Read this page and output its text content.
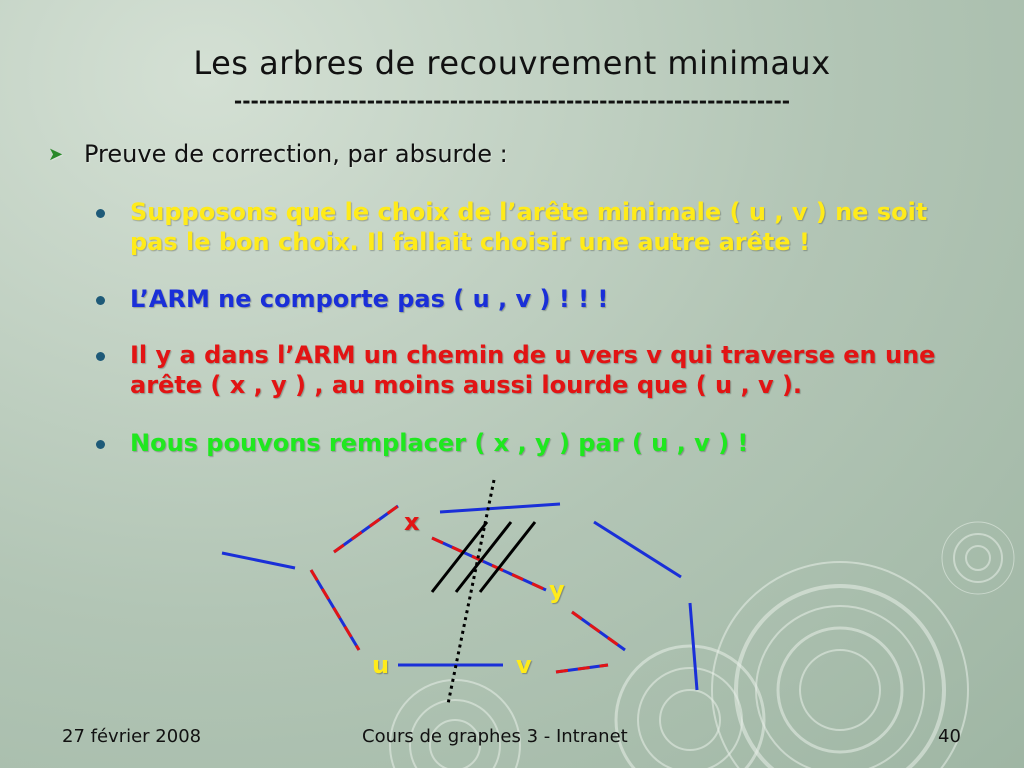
Les arbres de recouvrement minimaux
-------------------------------------------------------------------
➤ Preuve de correction, par absurde :
Supposons que le choix de l’arête minimale ( u , v ) ne soit pas le bon choix. Il fallait choisir une autre arête !
L’ARM ne comporte pas ( u , v ) ! ! !
Il y a dans l’ARM un chemin de u vers v qui traverse en une arête ( x , y ) , au moins aussi lourde que ( u , v ).
Nous pouvons remplacer ( x , y ) par ( u , v ) !
x
y
u	v
27 février 2008	Cours de graphes 3 - Intranet	40
